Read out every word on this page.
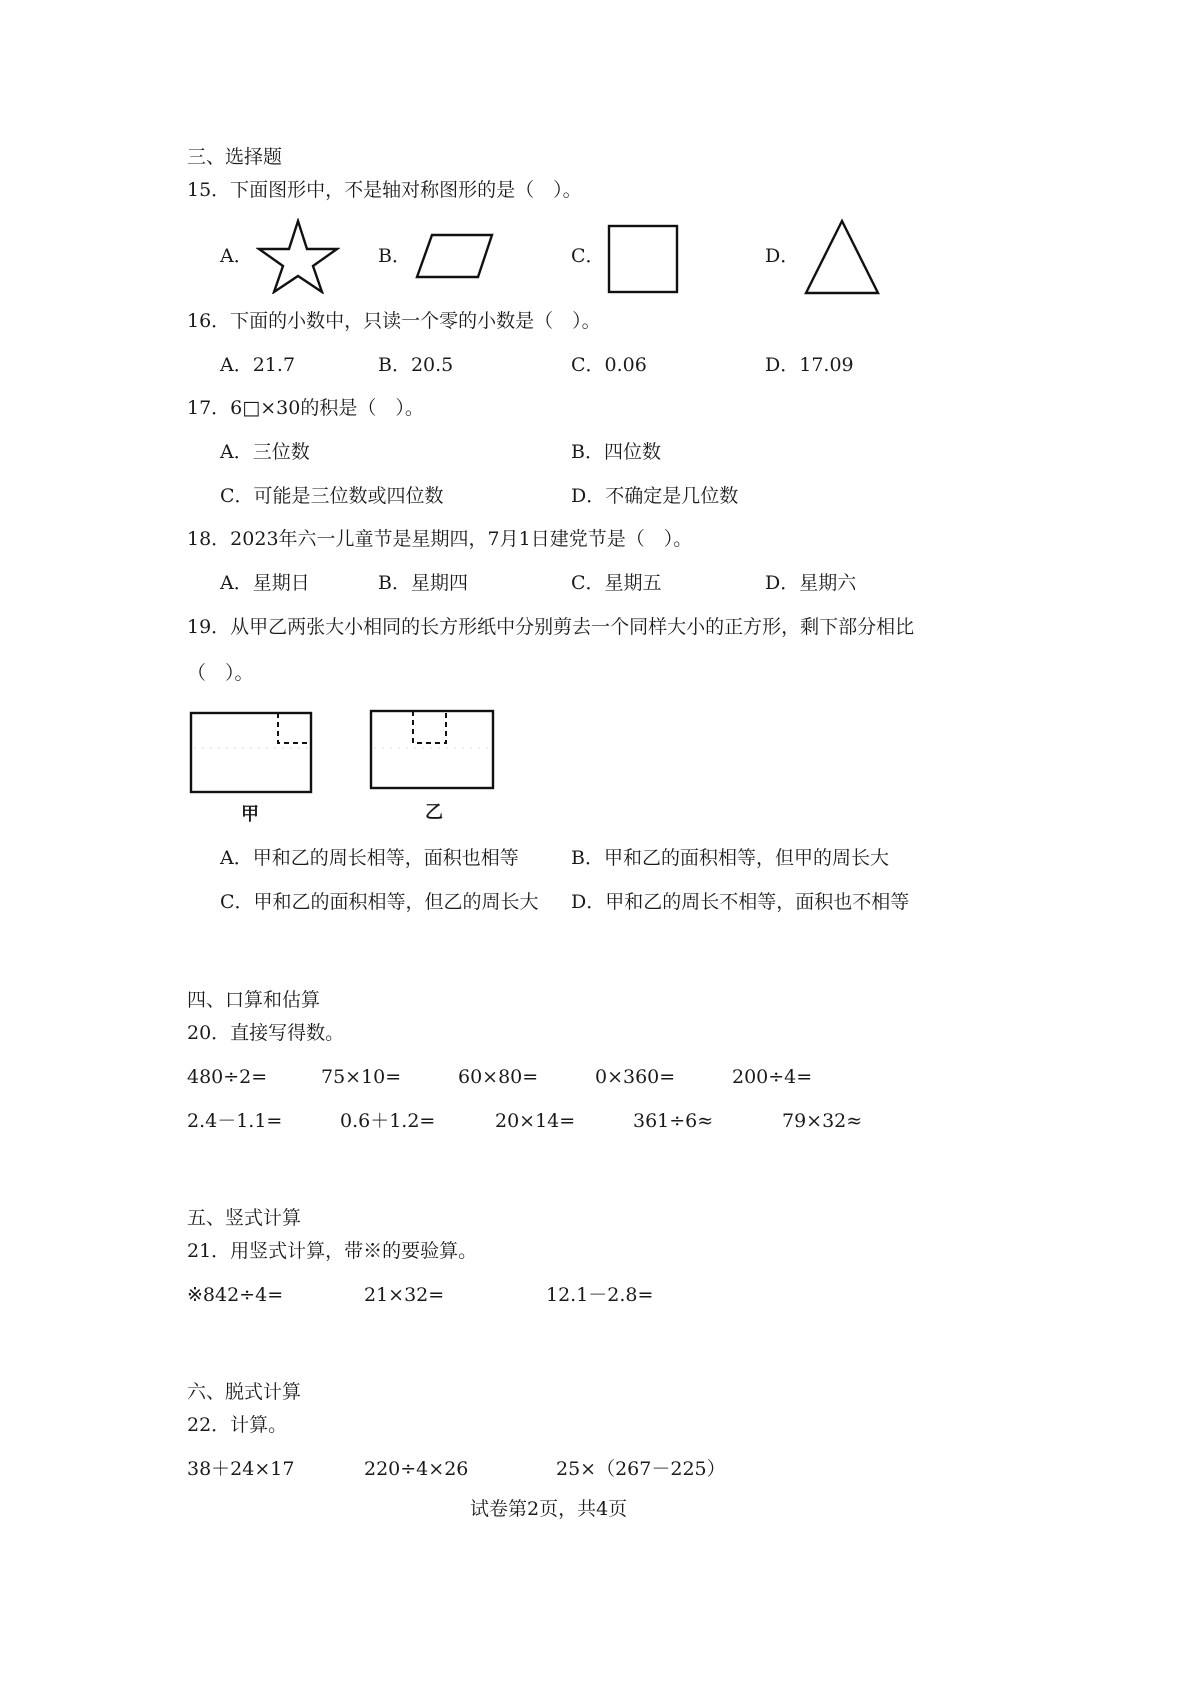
三、选择题
15．下面图形中，不是轴对称图形的是（　）。
A．	B．	C．	D．
16．下面的小数中，只读一个零的小数是（　）。
A．21.7	B．20.5	C．0.06	D．17.09
17．6□×30的积是（　）。
A．三位数	B．四位数
C．可能是三位数或四位数	D．不确定是几位数
18．2023年六一儿童节是星期四，7月1日建党节是（　）。
A．星期日	B．星期四	C．星期五	D．星期六
19．从甲乙两张大小相同的长方形纸中分别剪去一个同样大小的正方形，剩下部分相比
（　）。
甲	乙
A．甲和乙的周长相等，面积也相等	B．甲和乙的面积相等，但甲的周长大
C．甲和乙的面积相等，但乙的周长大 D．甲和乙的周长不相等，面积也不相等
四、口算和估算
20．直接写得数。
480÷2=	75×10=	60×80=	0×360=	200÷4=
2.4－1.1=	0.6＋1.2=	20×14=	361÷6≈	79×32≈
五、竖式计算
21．用竖式计算，带※的要验算。
※842÷4=	21×32=	12.1－2.8=
六、脱式计算
22．计算。
38＋24×17	220÷4×26	25×（267－225）
试卷第2页，共4页
